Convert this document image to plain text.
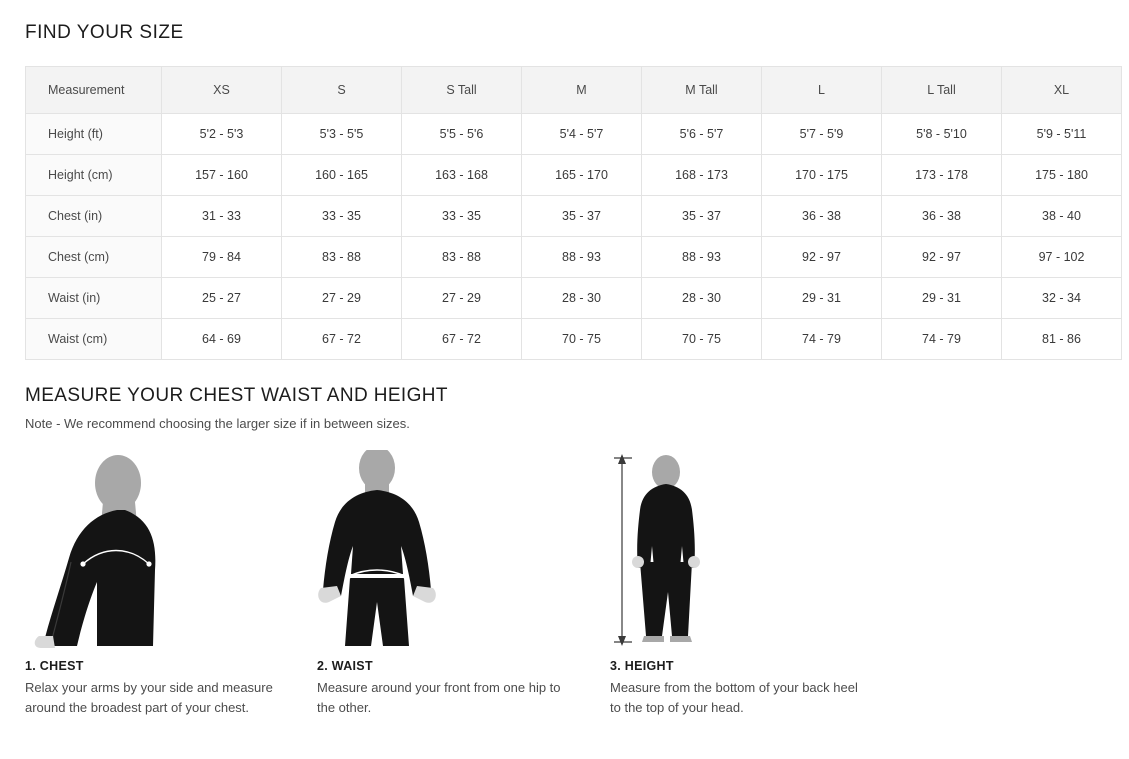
FIND YOUR SIZE
Measurement	XS	S	S Tall	M	M Tall	L	L Tall	XL
Height (ft)	5'2 - 5'3	5'3 - 5'5	5'5 - 5'6	5'4 - 5'7	5'6 - 5'7	5'7 - 5'9	5'8 - 5'10	5'9 - 5'11
Height (cm)	157 - 160	160 - 165	163 - 168	165 - 170	168 - 173	170 - 175	173 - 178	175 - 180
Chest (in)	31 - 33	33 - 35	33 - 35	35 - 37	35 - 37	36 - 38	36 - 38	38 - 40
Chest (cm)	79 - 84	83 - 88	83 - 88	88 - 93	88 - 93	92 - 97	92 - 97	97 - 102
Waist (in)	25 - 27	27 - 29	27 - 29	28 - 30	28 - 30	29 - 31	29 - 31	32 - 34
Waist (cm)	64 - 69	67 - 72	67 - 72	70 - 75	70 - 75	74 - 79	74 - 79	81 - 86
MEASURE YOUR CHEST WAIST AND HEIGHT
Note - We recommend choosing the larger size if in between sizes.
1. CHEST
Relax your arms by your side and measure around the broadest part of your chest.
2. WAIST
Measure around your front from one hip to the other.
3. HEIGHT
Measure from the bottom of your back heel to the top of your head.
